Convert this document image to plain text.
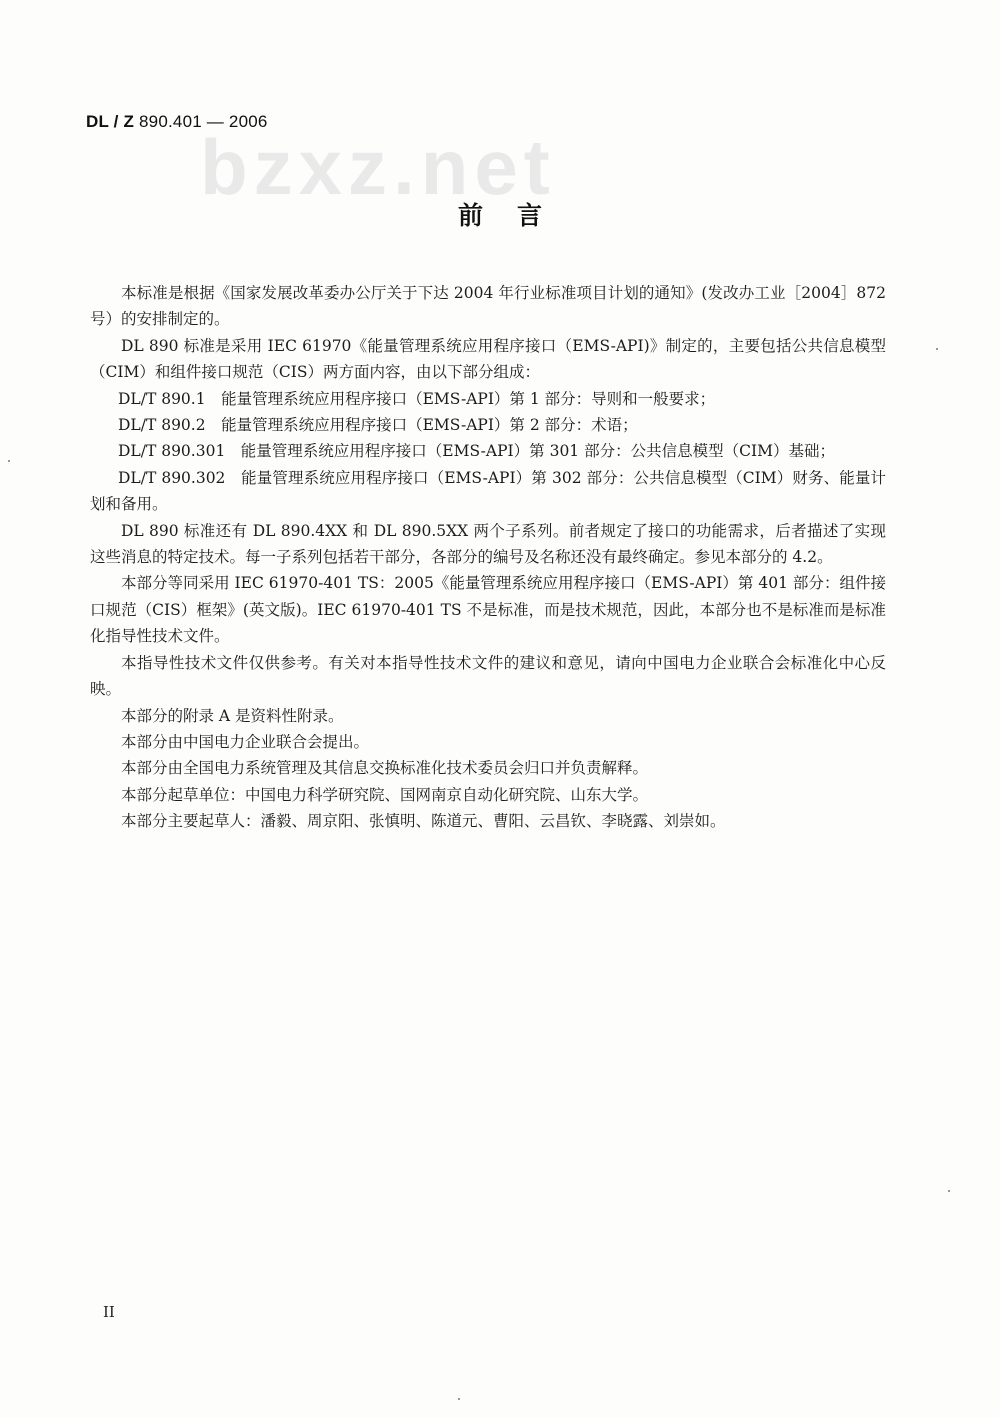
bzxz.net
DL / Z 890.401 — 2006
前言

本标准是根据《国家发展改革委办公厅关于下达 2004 年行业标准项目计划的通知》(发改办工业［2004］872 号）的安排制定的。

DL 890 标准是采用 IEC 61970《能量管理系统应用程序接口（EMS-API)》制定的，主要包括公共信息模型（CIM）和组件接口规范（CIS）两方面内容，由以下部分组成：

DL/T 890.1　能量管理系统应用程序接口（EMS-API）第 1 部分：导则和一般要求；

DL/T 890.2　能量管理系统应用程序接口（EMS-API）第 2 部分：术语；

DL/T 890.301　能量管理系统应用程序接口（EMS-API）第 301 部分：公共信息模型（CIM）基础；

DL/T 890.302　能量管理系统应用程序接口（EMS-API）第 302 部分：公共信息模型（CIM）财务、能量计划和备用。

DL 890 标准还有 DL 890.4XX 和 DL 890.5XX 两个子系列。前者规定了接口的功能需求，后者描述了实现这些消息的特定技术。每一子系列包括若干部分，各部分的编号及名称还没有最终确定。参见本部分的 4.2。

本部分等同采用 IEC 61970-401 TS：2005《能量管理系统应用程序接口（EMS-API）第 401 部分：组件接口规范（CIS）框架》(英文版)。IEC 61970-401 TS 不是标准，而是技术规范，因此，本部分也不是标准而是标准化指导性技术文件。

本指导性技术文件仅供参考。有关对本指导性技术文件的建议和意见，请向中国电力企业联合会标准化中心反映。

本部分的附录 A 是资料性附录。

本部分由中国电力企业联合会提出。

本部分由全国电力系统管理及其信息交换标准化技术委员会归口并负责解释。

本部分起草单位：中国电力科学研究院、国网南京自动化研究院、山东大学。

本部分主要起草人：潘毅、周京阳、张慎明、陈道元、曹阳、云昌钦、李晓露、刘崇如。

II
